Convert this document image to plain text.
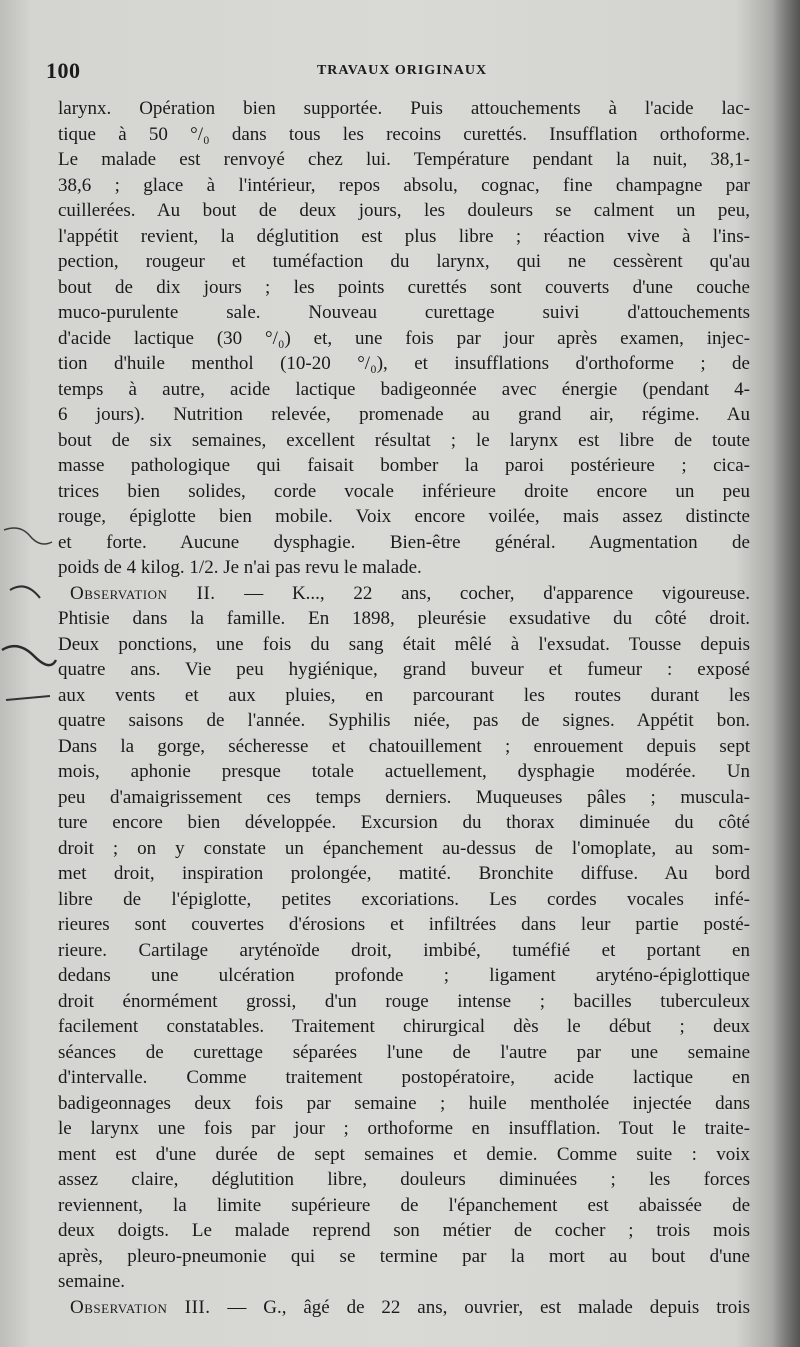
100	TRAVAUX ORIGINAUX
larynx. Opération bien supportée. Puis attouchements à l'acide lac-
tique à 50 °/₀ dans tous les recoins curettés. Insufflation orthoforme.
Le malade est renvoyé chez lui. Température pendant la nuit, 38,1-
38,6 ; glace à l'intérieur, repos absolu, cognac, fine champagne par
cuillerées. Au bout de deux jours, les douleurs se calment un peu,
l'appétit revient, la déglutition est plus libre ; réaction vive à l'ins-
pection, rougeur et tuméfaction du larynx, qui ne cessèrent qu'au
bout de dix jours ; les points curettés sont couverts d'une couche
muco-purulente sale. Nouveau curettage suivi d'attouchements
d'acide lactique (30 °/₀) et, une fois par jour après examen, injec-
tion d'huile menthol (10-20 °/₀), et insufflations d'orthoforme ; de
temps à autre, acide lactique badigeonnée avec énergie (pendant 4-
6 jours). Nutrition relevée, promenade au grand air, régime. Au
bout de six semaines, excellent résultat ; le larynx est libre de toute
masse pathologique qui faisait bomber la paroi postérieure ; cica-
trices bien solides, corde vocale inférieure droite encore un peu
rouge, épiglotte bien mobile. Voix encore voilée, mais assez distincte
et forte. Aucune dysphagie. Bien-être général. Augmentation de
poids de 4 kilog. 1/2. Je n'ai pas revu le malade.
Observation II. — K..., 22 ans, cocher, d'apparence vigoureuse.
Phtisie dans la famille. En 1898, pleurésie exsudative du côté droit.
Deux ponctions, une fois du sang était mêlé à l'exsudat. Tousse depuis
quatre ans. Vie peu hygiénique, grand buveur et fumeur : exposé
aux vents et aux pluies, en parcourant les routes durant les
quatre saisons de l'année. Syphilis niée, pas de signes. Appétit bon.
Dans la gorge, sécheresse et chatouillement ; enrouement depuis sept
mois, aphonie presque totale actuellement, dysphagie modérée. Un
peu d'amaigrissement ces temps derniers. Muqueuses pâles ; muscula-
ture encore bien développée. Excursion du thorax diminuée du côté
droit ; on y constate un épanchement au-dessus de l'omoplate, au som-
met droit, inspiration prolongée, matité. Bronchite diffuse. Au bord
libre de l'épiglotte, petites excoriations. Les cordes vocales infé-
rieures sont couvertes d'érosions et infiltrées dans leur partie posté-
rieure. Cartilage aryténoïde droit, imbibé, tuméfié et portant en
dedans une ulcération profonde ; ligament aryténo-épiglottique
droit énormément grossi, d'un rouge intense ; bacilles tuberculeux
facilement constatables. Traitement chirurgical dès le début ; deux
séances de curettage séparées l'une de l'autre par une semaine
d'intervalle. Comme traitement postopératoire, acide lactique en
badigeonnages deux fois par semaine ; huile mentholée injectée dans
le larynx une fois par jour ; orthoforme en insufflation. Tout le traite-
ment est d'une durée de sept semaines et demie. Comme suite : voix
assez claire, déglutition libre, douleurs diminuées ; les forces
reviennent, la limite supérieure de l'épanchement est abaissée de
deux doigts. Le malade reprend son métier de cocher ; trois mois
après, pleuro-pneumonie qui se termine par la mort au bout d'une
semaine.
Observation III. — G., âgé de 22 ans, ouvrier, est malade depuis trois
